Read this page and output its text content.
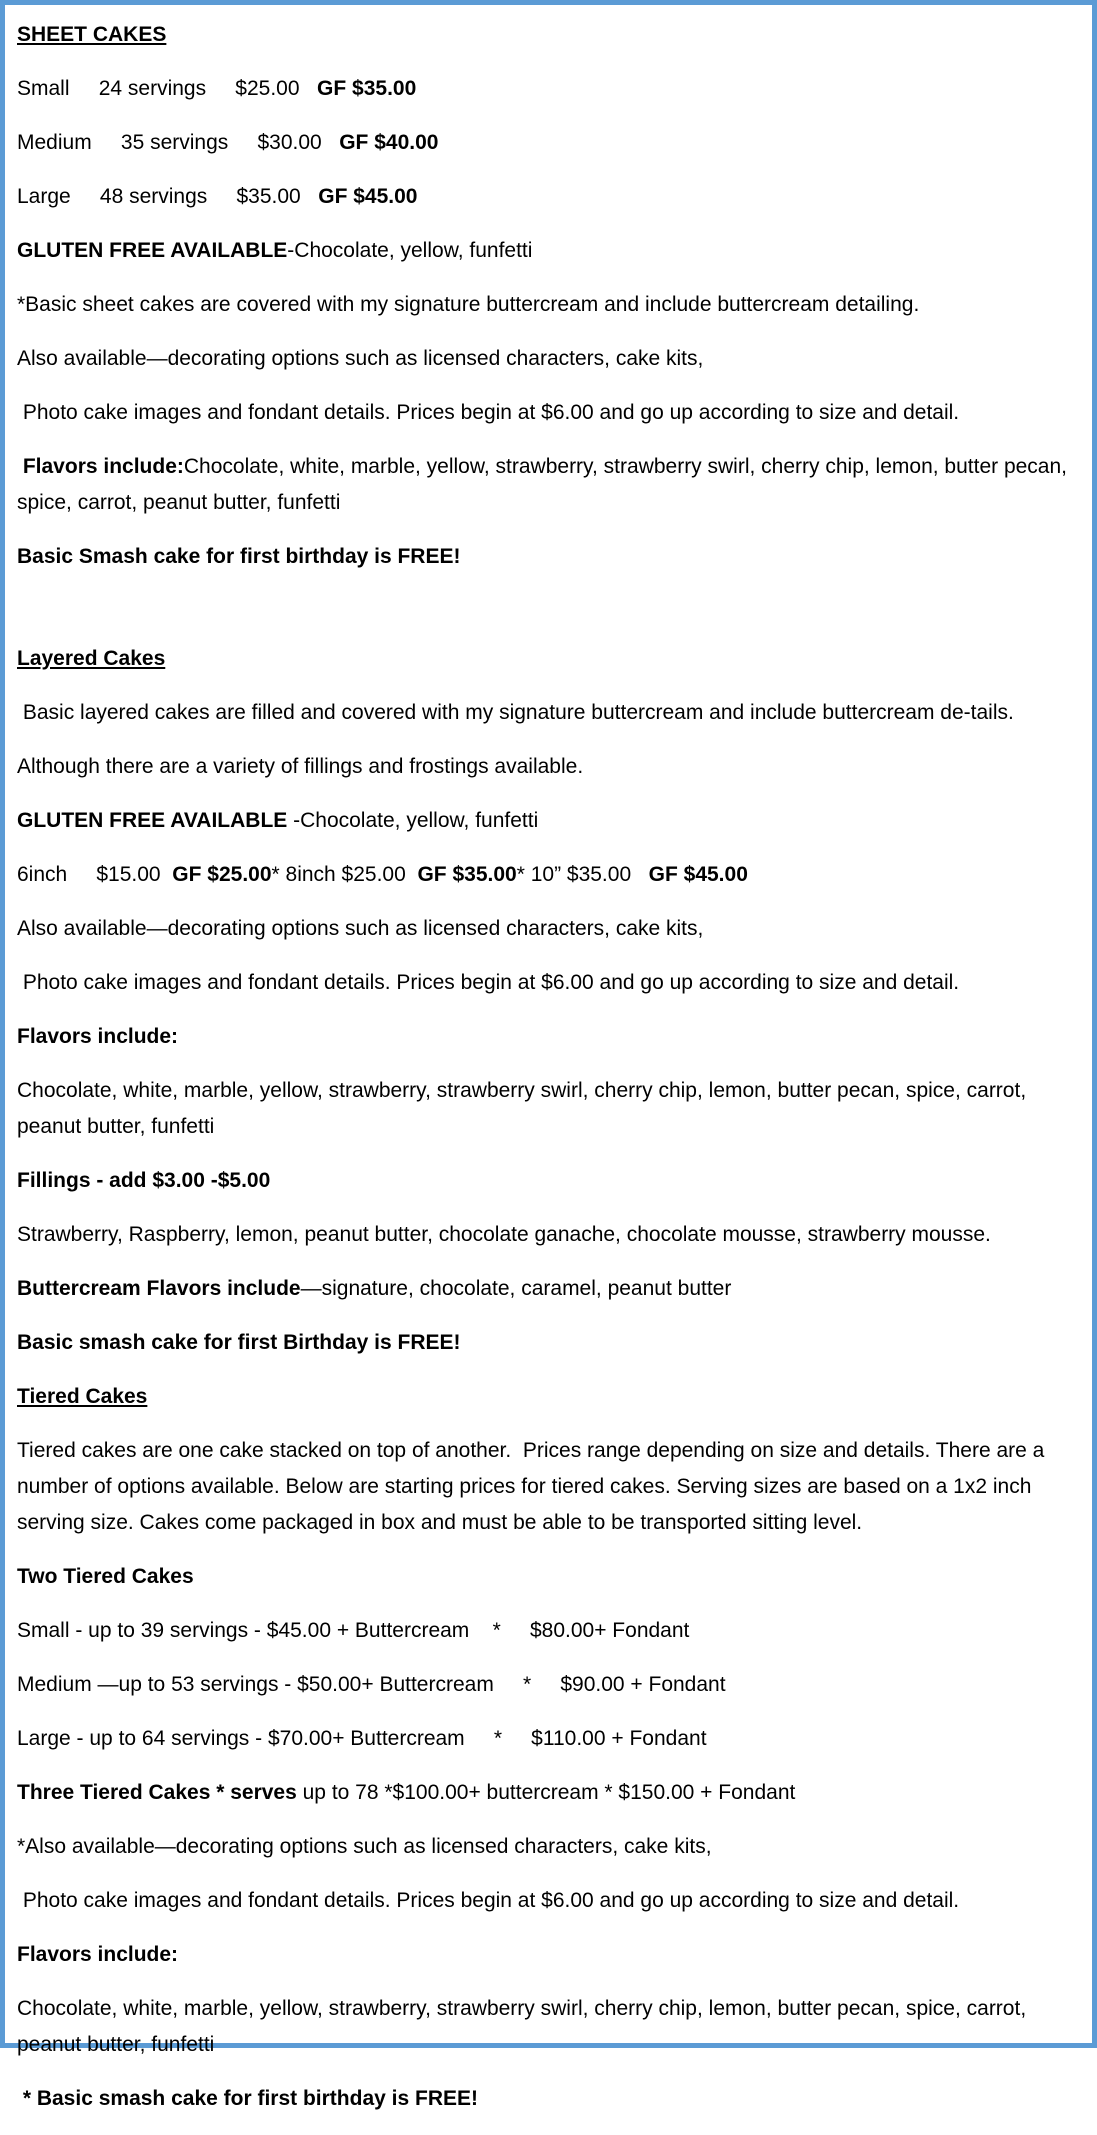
SHEET CAKES
Small 24 servings $25.00 GF $35.00
Medium 35 servings $30.00 GF $40.00
Large 48 servings $35.00 GF $45.00
GLUTEN FREE AVAILABLE-Chocolate, yellow, funfetti
*Basic sheet cakes are covered with my signature buttercream and include buttercream detailing.
Also available—decorating options such as licensed characters, cake kits,
Photo cake images and fondant details. Prices begin at $6.00 and go up according to size and detail.
Flavors include:Chocolate, white, marble, yellow, strawberry, strawberry swirl, cherry chip, lemon, butter pecan, spice, carrot, peanut butter, funfetti
Basic Smash cake for first birthday is FREE!
Layered Cakes
Basic layered cakes are filled and covered with my signature buttercream and include buttercream de-tails.
Although there are a variety of fillings and frostings available.
GLUTEN FREE AVAILABLE -Chocolate, yellow, funfetti
6inch     $15.00  GF $25.00* 8inch $25.00  GF $35.00* 10” $35.00   GF $45.00
Also available—decorating options such as licensed characters, cake kits,
Photo cake images and fondant details. Prices begin at $6.00 and go up according to size and detail.
Flavors include:
Chocolate, white, marble, yellow, strawberry, strawberry swirl, cherry chip, lemon, butter pecan, spice, carrot, peanut butter, funfetti
Fillings - add $3.00 -$5.00
Strawberry, Raspberry, lemon, peanut butter, chocolate ganache, chocolate mousse, strawberry mousse.
Buttercream Flavors include—signature, chocolate, caramel, peanut butter
Basic smash cake for first Birthday is FREE!
Tiered Cakes
Tiered cakes are one cake stacked on top of another.  Prices range depending on size and details. There are a number of options available. Below are starting prices for tiered cakes. Serving sizes are based on a 1x2 inch serving size. Cakes come packaged in box and must be able to be transported sitting level.
Two Tiered Cakes
Small - up to 39 servings - $45.00 + Buttercream    *     $80.00+ Fondant
Medium —up to 53 servings - $50.00+ Buttercream     *     $90.00 + Fondant
Large - up to 64 servings - $70.00+ Buttercream     *     $110.00 + Fondant
Three Tiered Cakes * serves up to 78 *$100.00+ buttercream * $150.00 + Fondant
*Also available—decorating options such as licensed characters, cake kits,
Photo cake images and fondant details. Prices begin at $6.00 and go up according to size and detail.
Flavors include:
Chocolate, white, marble, yellow, strawberry, strawberry swirl, cherry chip, lemon, butter pecan, spice, carrot, peanut butter, funfetti
* Basic smash cake for first birthday is FREE!
